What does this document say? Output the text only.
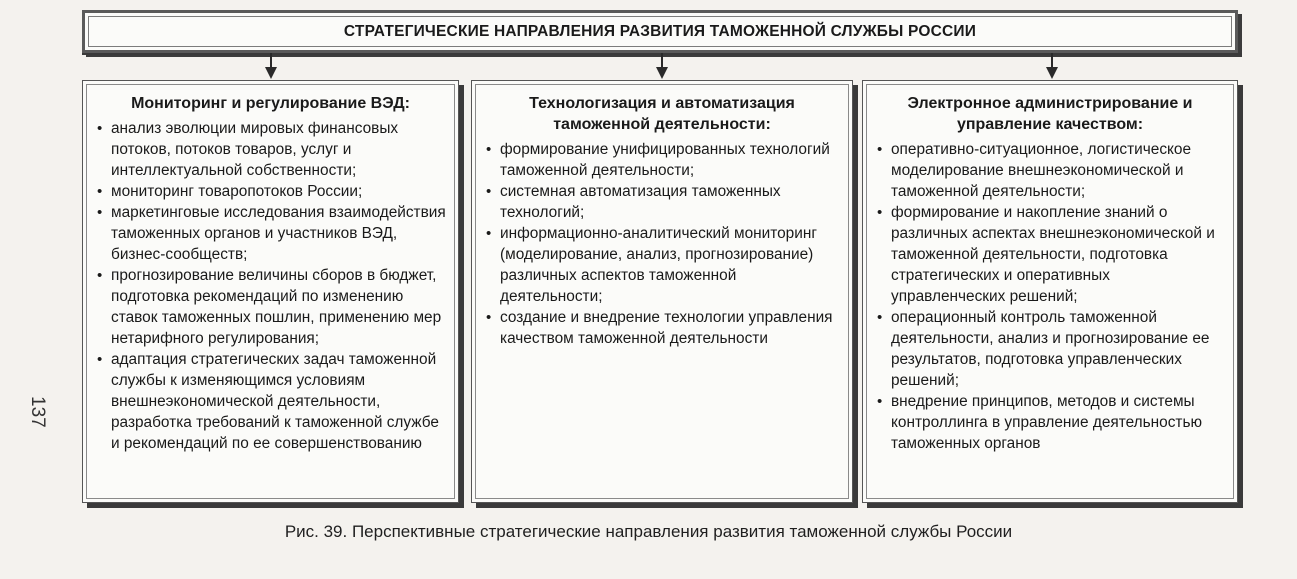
137
СТРАТЕГИЧЕСКИЕ НАПРАВЛЕНИЯ РАЗВИТИЯ ТАМОЖЕННОЙ СЛУЖБЫ РОССИИ
Мониторинг и регулирование ВЭД:
• анализ эволюции мировых финансовых потоков, потоков товаров, услуг и интеллектуальной собственности;
• мониторинг товаропотоков России;
• маркетинговые исследования взаимодействия таможенных органов и участников ВЭД, бизнес-сообществ;
• прогнозирование величины сборов в бюджет, подготовка рекомендаций по изменению ставок таможенных пошлин, применению мер нетарифного регулирования;
• адаптация стратегических задач таможенной службы к изменяющимся условиям внешнеэкономической деятельности, разработка требований к таможенной службе и рекомендаций по ее совершенствованию
Технологизация и автоматизация таможенной деятельности:
• формирование унифицированных технологий таможенной деятельности;
• системная автоматизация таможенных технологий;
• информационно-аналитический мониторинг (моделирование, анализ, прогнозирование) различных аспектов таможенной деятельности;
• создание и внедрение технологии управления качеством таможенной деятельности
Электронное администрирование и управление качеством:
• оперативно-ситуационное, логистическое моделирование внешнеэкономической и таможенной деятельности;
• формирование и накопление знаний о различных аспектах внешнеэкономической и таможенной деятельности, подготовка стратегических и оперативных управленческих решений;
• операционный контроль таможенной деятельности, анализ и прогнозирование ее результатов, подготовка управленческих решений;
• внедрение принципов, методов и системы контроллинга в управление деятельностью таможенных органов
Рис. 39. Перспективные стратегические направления развития таможенной службы России
